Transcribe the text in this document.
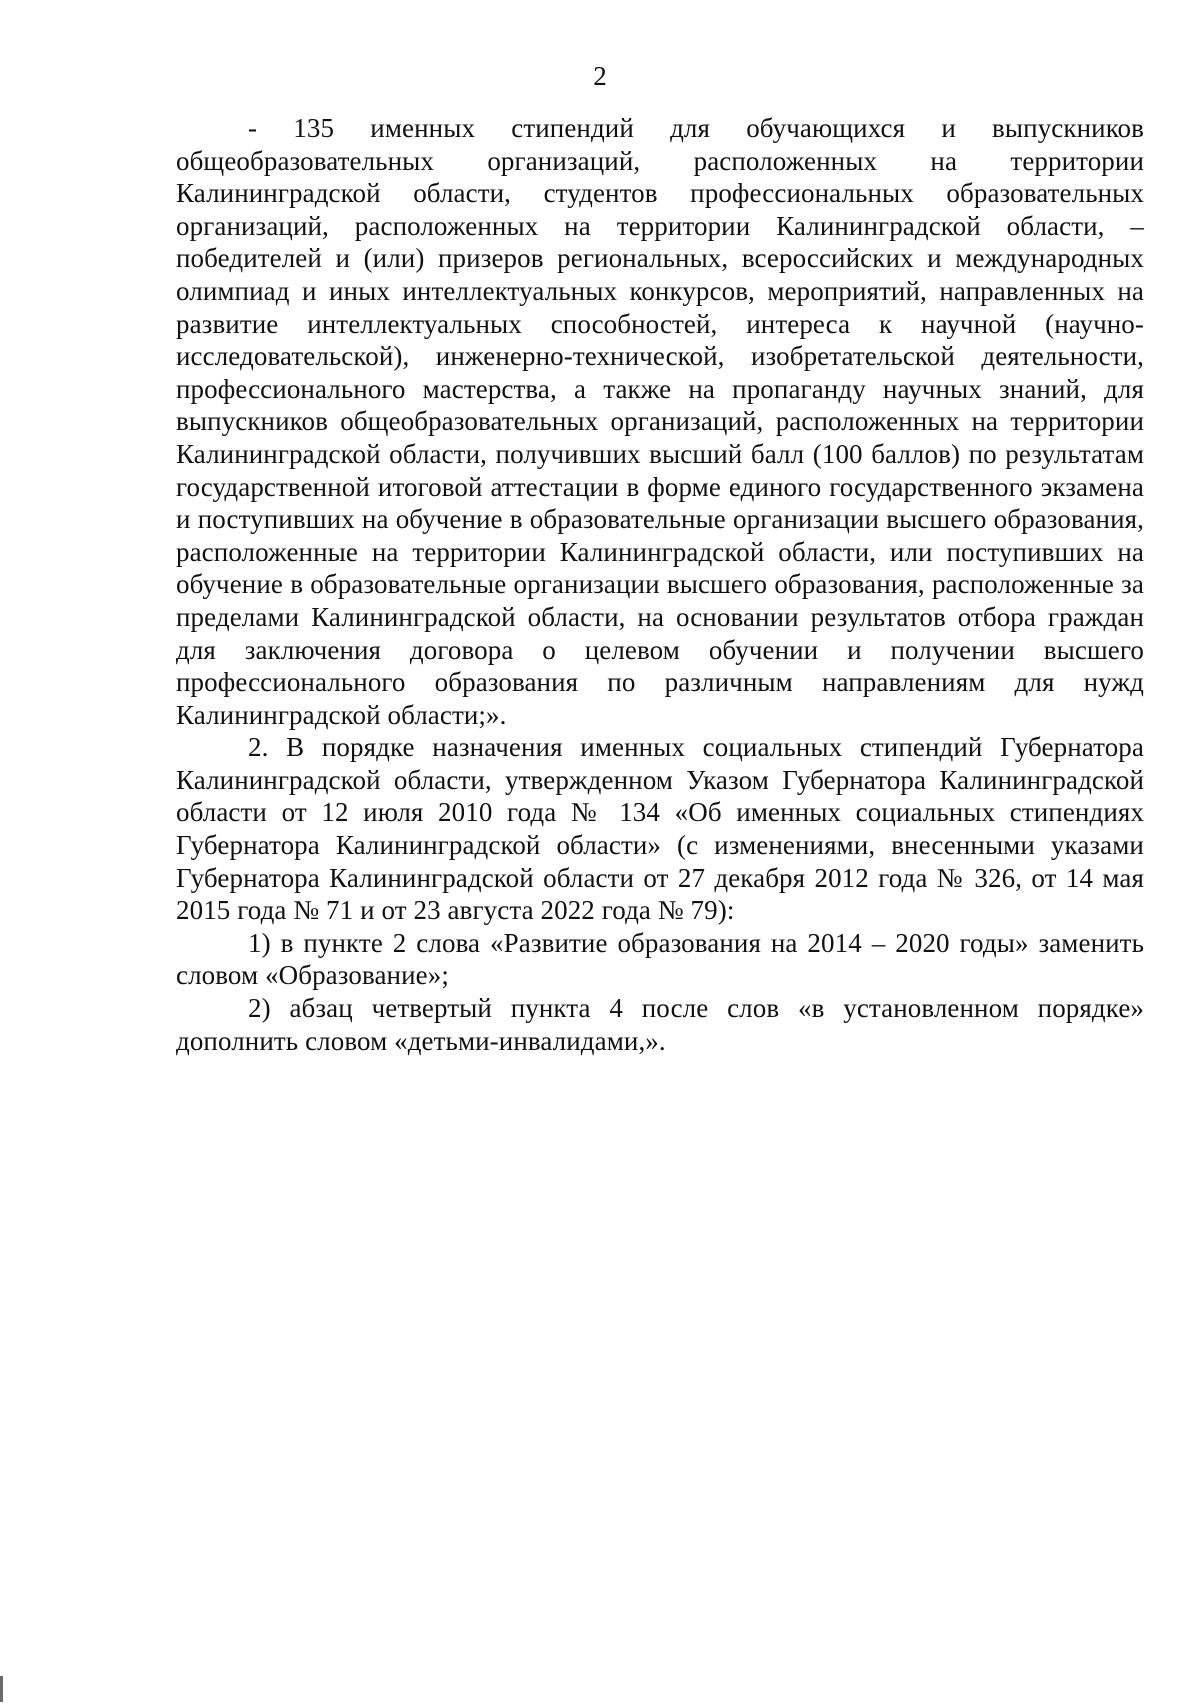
2

- 135 именных стипендий для обучающихся и выпускников общеобразовательных организаций, расположенных на территории Калининградской области, студентов профессиональных образовательных организаций, расположенных на территории Калининградской области, – победителей и (или) призеров региональных, всероссийских и международных олимпиад и иных интеллектуальных конкурсов, мероприятий, направленных на развитие интеллектуальных способностей, интереса к научной (научно-исследовательской), инженерно-технической, изобретательской деятельности, профессионального мастерства, а также на пропаганду научных знаний, для выпускников общеобразовательных организаций, расположенных на территории Калининградской области, получивших высший балл (100 баллов) по результатам государственной итоговой аттестации в форме единого государственного экзамена и поступивших на обучение в образовательные организации высшего образования, расположенные на территории Калининградской области, или поступивших на обучение в образовательные организации высшего образования, расположенные за пределами Калининградской области, на основании результатов отбора граждан для заключения договора о целевом обучении и получении высшего профессионального образования по различным направлениям для нужд Калининградской области;».

2. В порядке назначения именных социальных стипендий Губернатора Калининградской области, утвержденном Указом Губернатора Калининградской области от 12 июля 2010 года № 134 «Об именных социальных стипендиях Губернатора Калининградской области» (с изменениями, внесенными указами Губернатора Калининградской области от 27 декабря 2012 года № 326, от 14 мая 2015 года № 71 и от 23 августа 2022 года № 79):

1) в пункте 2 слова «Развитие образования на 2014 – 2020 годы» заменить словом «Образование»;

2) абзац четвертый пункта 4 после слов «в установленном порядке» дополнить словом «детьми-инвалидами,».
